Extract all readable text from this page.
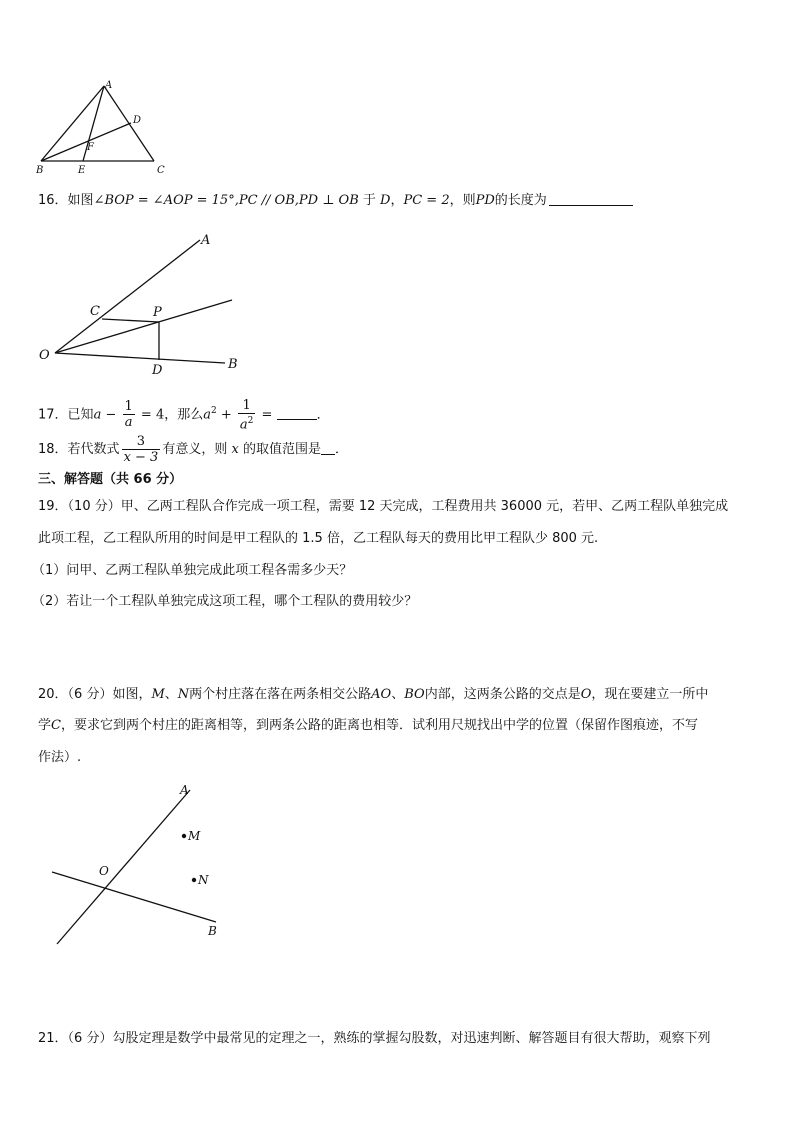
A
D
F
B	E	C
16．如图∠BOP = ∠AOP = 15°,PC // OB,PD ⊥ OB 于 D，PC = 2，则PD的长度为
A
C	P
O
D	B
17．已知$a - \frac{1}{a} = 4$，那么$a^2 + \frac{1}{a^2}$ =	．
18．若代数式 $\frac{3}{x - 3}$ 有意义，则 x 的取值范围是 ．
三、解答题（共 66 分）
19．（10 分）甲、乙两工程队合作完成一项工程，需要 12 天完成，工程费用共 36000 元，若甲、乙两工程队单独完成
此项工程，乙工程队所用的时间是甲工程队的 1.5 倍，乙工程队每天的费用比甲工程队少 800 元.
（1）问甲、乙两工程队单独完成此项工程各需多少天？
（2）若让一个工程队单独完成这项工程，哪个工程队的费用较少？
20．（6 分）如图，M、N两个村庄落在落在两条相交公路AO、BO内部，这两条公路的交点是O，现在要建立一所中
学C，要求它到两个村庄的距离相等，到两条公路的距离也相等．试利用尺规找出中学的位置（保留作图痕迹，不写
作法）.
A
M
N
O
B
21．（6 分）勾股定理是数学中最常见的定理之一，熟练的掌握勾股数，对迅速判断、解答题目有很大帮助，观察下列
